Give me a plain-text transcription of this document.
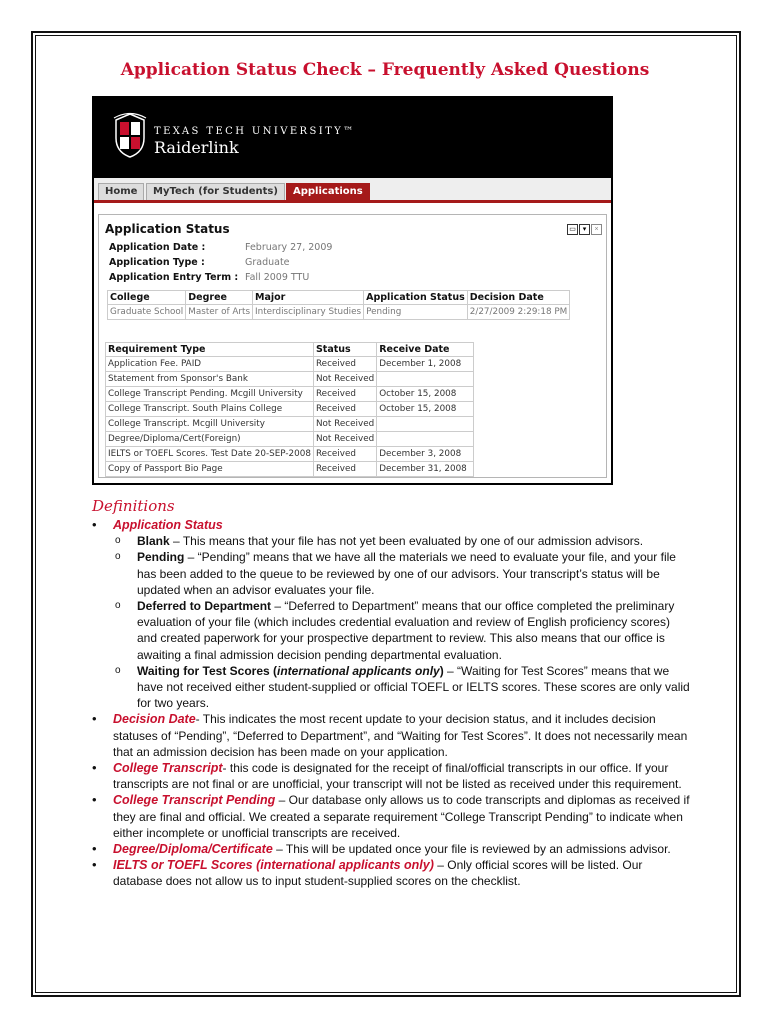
Application Status Check – Frequently Asked Questions
TEXAS TECH UNIVERSITY™
Raiderlink
Home	MyTech (for Students)	Applications
Application Status	▭ ▾	×
Application Date :	February 27, 2009
Application Type :	Graduate
Application Entry Term : Fall 2009 TTU
College	Degree	Major	Application Status	Decision Date
Graduate School	Master of Arts	Interdisciplinary Studies	Pending	2/27/2009 2:29:18 PM
Requirement Type	Status	Receive Date
Application Fee. PAID	Received	December 1, 2008
Statement from Sponsor's Bank	Not Received	
College Transcript Pending. Mcgill University	Received	October 15, 2008
College Transcript. South Plains College	Received	October 15, 2008
College Transcript. Mcgill University	Not Received	
Degree/Diploma/Cert(Foreign)	Not Received	
IELTS or TOEFL Scores. Test Date 20-SEP-2008	Received	December 3, 2008
Copy of Passport Bio Page	Received	December 31, 2008
Definitions
• Application Status
o Blank – This means that your file has not yet been evaluated by one of our admission advisors.
o Pending – “Pending” means that we have all the materials we need to evaluate your file, and your file has been added to the queue to be reviewed by one of our advisors. Your transcript’s status will be updated when an advisor evaluates your file.
o Deferred to Department – “Deferred to Department” means that our office completed the preliminary evaluation of your file (which includes credential evaluation and review of English proficiency scores) and created paperwork for your prospective department to review. This also means that our office is awaiting a final admission decision pending departmental evaluation.
o Waiting for Test Scores (international applicants only) – “Waiting for Test Scores” means that we have not received either student-supplied or official TOEFL or IELTS scores. These scores are only valid for two years.
• Decision Date- This indicates the most recent update to your decision status, and it includes decision statuses of “Pending”, “Deferred to Department”, and “Waiting for Test Scores”. It does not necessarily mean that an admission decision has been made on your application.
• College Transcript- this code is designated for the receipt of final/official transcripts in our office. If your transcripts are not final or are unofficial, your transcript will not be listed as received under this requirement.
• College Transcript Pending – Our database only allows us to code transcripts and diplomas as received if they are final and official. We created a separate requirement “College Transcript Pending” to indicate when either incomplete or unofficial transcripts are received.
• Degree/Diploma/Certificate – This will be updated once your file is reviewed by an admissions advisor.
• IELTS or TOEFL Scores (international applicants only) – Only official scores will be listed. Our database does not allow us to input student-supplied scores on the checklist.
